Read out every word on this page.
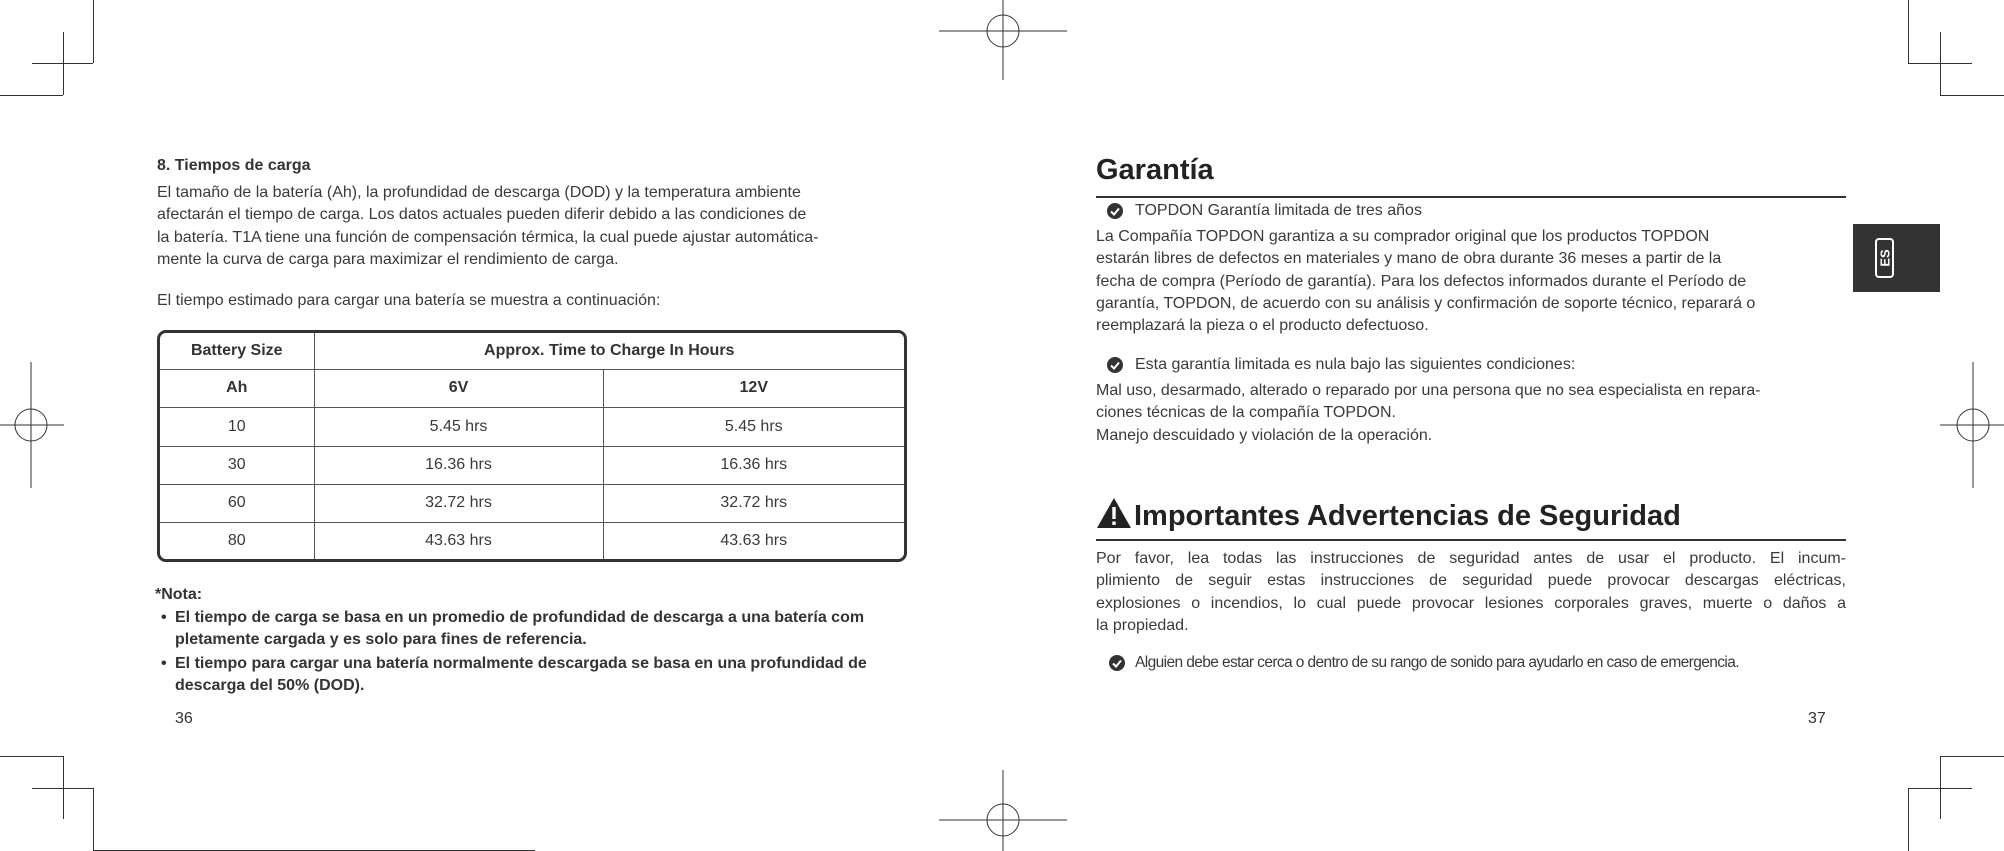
8. Tiempos de carga

El tamaño de la batería (Ah), la profundidad de descarga (DOD) y la temperatura ambiente
afectarán el tiempo de carga. Los datos actuales pueden diferir debido a las condiciones de
la batería. T1A tiene una función de compensación térmica, la cual puede ajustar automática-
mente la curva de carga para maximizar el rendimiento de carga.

El tiempo estimado para cargar una batería se muestra a continuación:

Battery Size	Approx. Time to Charge In Hours	
Ah	6V	12V
10	5.45 hrs	5.45 hrs
30	16.36 hrs	16.36 hrs
60	32.72 hrs	32.72 hrs
80	43.63 hrs	43.63 hrs
*Nota:
• El tiempo de carga se basa en un promedio de profundidad de descarga a una batería com
pletamente cargada y es solo para fines de referencia.
• El tiempo para cargar una batería normalmente descargada se basa en una profundidad de
descarga del 50% (DOD).
36
Garantía
TOPDON Garantía limitada de tres años

La Compañía TOPDON garantiza a su comprador original que los productos TOPDON
estarán libres de defectos en materiales y mano de obra durante 36 meses a partir de la
fecha de compra (Período de garantía). Para los defectos informados durante el Período de
garantía, TOPDON, de acuerdo con su análisis y confirmación de soporte técnico, reparará o
reemplazará la pieza o el producto defectuoso.

Esta garantía limitada es nula bajo las siguientes condiciones:

Mal uso, desarmado, alterado o reparado por una persona que no sea especialista en repara-
ciones técnicas de la compañía TOPDON.
Manejo descuidado y violación de la operación.

Importantes Advertencias de Seguridad

Por favor, lea todas las instrucciones de seguridad antes de usar el producto. El incum-
plimiento de seguir estas instrucciones de seguridad puede provocar descargas eléctricas,
explosiones o incendios, lo cual puede provocar lesiones corporales graves, muerte o daños a
la propiedad.

Alguien debe estar cerca o dentro de su rango de sonido para ayudarlo en caso de emergencia.
37
ES
